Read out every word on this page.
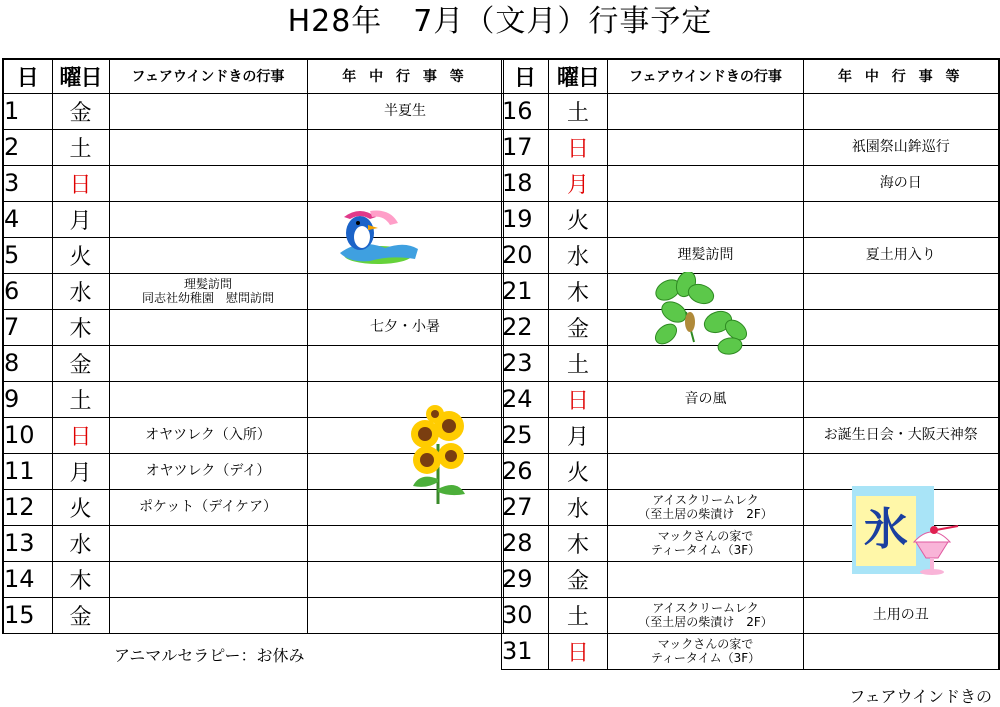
H28年　7月（文月）行事予定
日	曜日	フェアウインドきの行事	年 中 行 事 等
1	金		半夏生
2	土		
3	日		
4	月		
5	火		
6	水	理髪訪問
同志社幼稚園　慰問訪問	
7	木		七夕・小暑
8	金		
9	土		
10	日	オヤツレク（入所）	
11	月	オヤツレク（デイ）	
12	火	ポケット（デイケア）	
13	水		
14	木		
15	金		
日	曜日	フェアウインドきの行事	年 中 行 事 等
16	土		
17	日		祇園祭山鉾巡行
18	月		海の日
19	火		
20	水	理髪訪問	夏土用入り
21	木		
22	金		
23	土		
24	日	音の風	
25	月		お誕生日会・大阪天神祭
26	火		
27	水	アイスクリームレク
（至土居の柴漬け　2F）	
28	木	マックさんの家で
ティータイム（3F）	
29	金		
30	土	アイスクリームレク
（至土居の柴漬け　2F）	土用の丑
31	日	マックさんの家で
ティータイム（3F）	
アニマルセラピー：お休み
フェアウインドきの
氷
